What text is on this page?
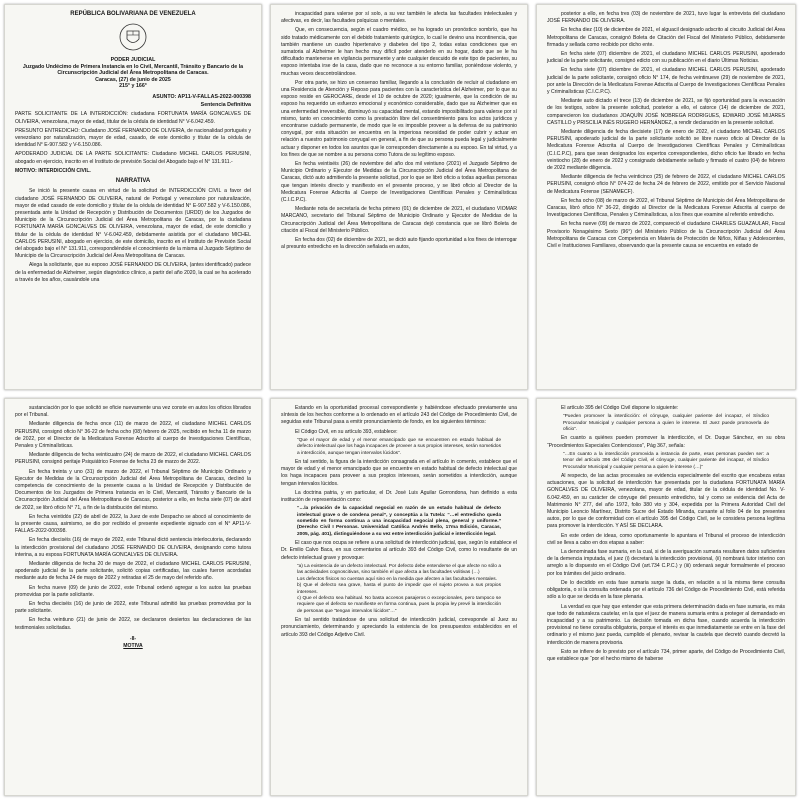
REPÚBLICA BOLIVARIANA DE VENEZUELA
PODER JUDICIAL
Juzgado Undécimo de Primera Instancia en lo Civil, Mercantil, Tránsito y Bancario de la Circunscripción Judicial del Área Metropolitana de Caracas.
Caracas, (27) de junio de 2025
215° y 166°
ASUNTO: AP11-V-FALLAS-2022-000398
Sentencia Definitiva
PARTE SOLICITANTE DE LA INTERDICCIÓN: ciudadana FORTUNATA MARÍA GONCALVES DE OLIVEIRA, venezolana, mayor de edad, titular de la cédula de identidad N° V-6.042.459.
PRESUNTO ENTREDICHO: Ciudadano JOSÉ FERNANDO DE OLIVEIRA, de nacionalidad portugués y venezolano por naturalización, mayor de edad, casado, de este domicilio y titular de la cédula de identidad N° E-907.582 y V-6.150.086.
APODERADO JUDICIAL DE LA PARTE SOLICITANTE: Ciudadano MICHEL CARLOS PERUSINI, abogado en ejercicio, inscrito en el Instituto de previsión Social del Abogado bajo el N° 131.911.-
MOTIVO: INTERDICCIÓN CIVIL.
NARRATIVA
Se inició la presente causa en virtud de la solicitud de INTERDICCIÓN CIVIL a favor del ciudadano JOSÉ FERNANDO DE OLIVEIRA, natural de Portugal y venezolano por naturalización, mayor de edad casado de este domicilio y titular de la cédula de identidad N° E-907.582 y V-6.150.086, presentada ante la Unidad de Recepción y Distribución de Documentos (URDD) de los Juzgados de Municipio de la Circunscripción Judicial del Área Metropolitana de Caracas, por la ciudadana FORTUNATA MARÍA GONCALVES DE OLIVEIRA, venezolana, mayor de edad, de este domicilio y titular de la cédula de identidad N° V-6.042.459, debidamente asistida por el ciudadano MICHEL CARLOS PERUSINI, abogado en ejercicio, de este domicilio, inscrito en el Instituto de Previsión Social del abogado bajo el N° 131.911, correspondiéndole el conocimiento de la misma al Juzgado Séptimo de Municipio de la Circunscripción Judicial del Área Metropolitana de Caracas.
Alega la solicitante, que su esposo JOSÉ FERNANDO DE OLIVEIRA, (antes identificado) padece de la enfermedad de Alzheimer, según diagnóstico clínico, a partir del año 2020, la cual se ha acelerado a través de los años, causándole una
incapacidad para valerse por sí solo, a su vez también le afecta las facultades intelectuales y afectivas, es decir, las facultades psíquicas o mentales.
Que, en consecuencia, según el cuadro médico, se ha logrado un pronóstico sombrío, que ha sido tratado médicamente con el debido tratamiento quirúrgico, lo cual le devino una incontinencia, que también mantiene un cuadro hipertensivo y diabetes del tipo 2, todas estas condiciones que en sumatoria al Alzheimer le han hecho muy difícil poder atenderlo en su hogar, dado que se le ha dificultado mantenerse en vigilancia permanente y ante cualquier descuido de este tipo de pacientes, su esposo intentaba irse de la casa, dado que no reconoce a su entorno familiar, poniéndose violento, y muchas veces descontrolándose.
Por otra parte, se hizo un consenso familiar, llegando a la conclusión de recluir al ciudadano en una Residencia de Atención y Reposo para pacientes con la característica del Alzheimer, por lo que su esposo reside en GEROCARE, desde el 10 de octubre de 2020; igualmente, que la condición de su esposo ha requerido un esfuerzo emocional y económico considerable, dado que su Alzheimer que es una enfermedad irreversible, disminuyó su capacidad mental, estando imposibilitado para valerse por sí mismo, tanto en conocimiento como la prestación libre del consentimiento para los actos jurídicos y encontrarse cuidado permanente, de modo que le es imposible proveer a la defensa de su patrimonio conyugal, por esta situación se encuentra en la imperiosa necesidad de poder cubrir y actuar en relación a nuestro patrimonio conyugal en general, a fin de que su persona pueda legal y judicialmente actuar y disponer en todos los asuntos que le corresponden directamente a su esposo. En tal virtud, y a los fines de que se nombre a su persona como Tutora de su legítimo esposo.
En fecha veintiséis (26) de noviembre del año dos mil veintiuno (2021) el Juzgado Séptimo de Municipio Ordinario y Ejecutor de Medidas de la Circunscripción Judicial del Área Metropolitana de Caracas, dictó auto admitiendo la presente solicitud, por lo que se libró oficio a todas aquellas personas que tengan interés directo y manifiesto en el presente proceso, y se libró oficio al Director de la Medicatura Forense Adscrita al Cuerpo de Investigaciones Científicas Penales y Criminalísticas (C.I.C.P.C).
Mediante nota de secretaría de fecha primero (01) de diciembre de 2021, el ciudadano VIOMAR MARCANO, secretario del Tribunal Séptimo de Municipio Ordinario y Ejecutor de Medidas de la Circunscripción Judicial del Área Metropolitana de Caracas dejó constancia que se libró Boleta de citación al Fiscal del Ministerio Público.
En fecha dos (02) de diciembre de 2021, se dictó auto fijando oportunidad a los fines de interrogar al presunto entredicho en la dirección señalada en autos,
posterior a ello, en fecha tres (03) de noviembre de 2021, tuvo lugar la entrevista del ciudadano JOSÉ FERNANDO DE OLIVEIRA.
En fecha diez (10) de diciembre de 2021, el alguacil designado adscrito al circuito Judicial del Área Metropolitana de Caracas, consignó Boleta de Citación del Fiscal del Ministerio Público, debidamente firmada y sellada como recibido por dicho ente.
En fecha siete (07) diciembre de 2021, el ciudadano MICHEL CARLOS PERUSINI, apoderado judicial de la parte solicitante, consignó edicto con su publicación en el diario Últimas Noticias.
En fecha siete (07) diciembre de 2021, el ciudadano MICHEL CARLOS PERUSINI, apoderado judicial de la parte solicitante, consignó oficio N° 174, de fecha veintinueve (29) de noviembre de 2021, por ante la Dirección de la Medicatura Forense Adscrita al Cuerpo de Investigaciones Científicas Penales y Criminalísticas (C.I.C.P.C).
Mediante auto dictado el trece (13) de diciembre de 2021, se fijó oportunidad para la evacuación de los testigos, sobre la presente solicitud, posterior a ello, el catorce (14) de diciembre de 2021, comparecieron los ciudadanos JOAQUÍN JOSÉ NOBREGA RODRIGUES, EDWARD JOSÉ MIJARES CASTILLO y PRISCILIA INÉS RUGERO HERNÁNDEZ, a rendir declaración en la presente solicitud.
Mediante diligencia de fecha diecisiete (17) de enero de 2022, el ciudadano MICHEL CARLOS PERUSINI, apoderado judicial de la parte solicitante solicitó se libre nuevo oficio al Director de la Medicatura Forense Adscrita al Cuerpo de Investigaciones Científicas Penales y Criminalísticas (C.I.C.P.C), para que sean designados los expertos correspondientes, dicho oficio fue librado en fecha veintiocho (28) de enero de 2022 y consignado debidamente sellado y firmado el cuatro (04) de febrero de 2022 mediante diligencia.
Mediante diligencia de fecha veinticinco (25) de febrero de 2022, el ciudadano MICHEL CARLOS PERUSINI, consignó oficio N° 074-22 de fecha 24 de febrero de 2022, emitido por el Servicio Nacional de Medicatura Forense (SENAMECF).
En fecha ocho (08) de marzo de 2022, el Tribunal Séptimo de Municipio del Área Metropolitana de Caracas, libró oficio N° 36-22, dirigido al Director de la Medicatura Forense Adscrita al cuerpo de Investigaciones Científicas, Penales y Criminalísticas, a los fines que examine al referido entredicho.
En fecha nueve (09) de marzo de 2022, compareció el ciudadano CHARLES GUAZAULAR, Fiscal Provisorio Nonagésimo Sexto (96°) del Ministerio Público de la Circunscripción Judicial del Área Metropolitana de Caracas con Competencia en Materia de Protección de Niños, Niñas y Adolescentes, Civil e Instituciones Familiares, observando que la presente causa se encuentra en estado de
sustanciación por lo que solicitó se oficie nuevamente una vez conste en autos los oficios librados por el Tribunal.
Mediante diligencia de fecha once (11) de marzo de 2022, el ciudadano MICHEL CARLOS PERUSINI, consignó oficio N° 36-22 de fecha ocho (08) febrero de 2025, recibido en fecha 11 de marzo de 2022, por el Director de la Medicatura Forense Adscrito al cuerpo de Investigaciones Científicas, Penales y Criminalísticas.
Mediante diligencia de fecha veinticuatro (24) de marzo de 2022, el ciudadano MICHEL CARLOS PERUSINI, consignó peritaje Psiquiátrico Forense de fecha 23 de marzo de 2022.
En fecha treinta y uno (31) de marzo de 2022, el Tribunal Séptimo de Municipio Ordinario y Ejecutor de Medidas de la Circunscripción Judicial del Área Metropolitana de Caracas, declinó la competencia de conocimiento de la presente causa a la Unidad de Recepción y Distribución de Documentos de los Juzgados de Primera Instancia en lo Civil, Mercantil, Tránsito y Bancario de la Circunscripción Judicial del Área Metropolitana de Caracas, posterior a ello, en fecha siete (07) de abril de 2022, se libró oficio N° 71, a fin de la distribución del mismo.
En fecha veintidós (22) de abril de 2022, la Juez de este Despacho se abocó al conocimiento de la presente causa, asimismo, se dio por recibido el presente expediente signado con el N° AP11-V-FALLAS-2022-000398.
En fecha dieciséis (16) de mayo de 2022, este Tribunal dictó sentencia interlocutoria, declarando la interdicción provisional del ciudadano JOSÉ FERNANDO DE OLIVEIRA, designando como tutora interina, a su esposa FORTUNATA MARÍA GONCALVES DE OLIVEIRA.
Mediante diligencia de fecha 20 de mayo de 2022, el ciudadano MICHEL CARLOS PERUSINI, apoderado judicial de la parte solicitante, solicitó copias certificadas, las cuales fueron acordadas mediante auto de fecha 24 de mayo de 2022 y retiradas el 25 de mayo del referido año.
En fecha nueve (09) de junio de 2022, este Tribunal ordenó agregar a los autos las pruebas promovidas por la parte solicitante.
En fecha dieciséis (16) de junio de 2022, este Tribunal admitió las pruebas promovidas por la parte solicitante.
En fecha veintiuno (21) de junio de 2022, se declararon desiertos las declaraciones de las testimoniales solicitadas.
-II-
MOTIVA
Estando en la oportunidad procesal correspondiente y habiéndose efectuado previamente una síntesis de los hechos conforme a lo ordenado en el artículo 243 del Código de Procedimiento Civil, de seguidas este Tribunal pasa a emitir pronunciamiento de fondo, en los siguientes términos:
El Código Civil, en su artículo 393, establece:
“Que el mayor de edad y el menor emancipado que se encuentren en estado habitual de defecto intelectual que los haga incapaces de proveer a sus propios intereses, serán sometidos a interdicción, aunque tengan intervalos lúcidos”.
En tal sentido, la figura de la interdicción consagrada en el artículo in comento, establece que el mayor de edad y el menor emancipado que se encuentre en estado habitual de defecto intelectual que los haga incapaces para proveer a sus propios intereses, serán sometidos a interdicción, aunque tengan intervalos lúcidos.
La doctrina patria, y en particular, el Dr. José Luis Aguilar Gorrondona, han definido a esta institución de representación como:
“…la privación de la capacidad negocial en razón de un estado habitual de defecto intelectual grave o de condena penal”, y conceptúa a la Tutela: “…el entredicho queda sometido en forma continua a una incapacidad negocial plena, general y uniforme.” (Derecho Civil I Personas. Universidad Católica Andrés Bello, 17ma Edición, Caracas, 2005, pág. 401), distinguiéndose a su vez entre interdicción judicial e interdicción legal.
El caso que nos ocupa se refiere a una solicitud de interdicción judicial, que, según lo establece el Dr. Emilio Calvo Baca, en sus comentarios al artículo 393 del Código Civil, como lo resultante de un defecto intelectual grave y provoque:
“a) La existencia de un defecto intelectual. Por defecto debe entenderse el que afecte no sólo a las actividades cognoscitivas, sino también el que afecta a las facultades volitivas (…)
Los defectos físicos no cuentan aquí sino en la medida que afecten a las facultades mentales.
b) Que el defecto sea grave, hasta el punto de impedir que el sujeto provea a sus propios intereses.
c) Que el defecto sea habitual. No basta accesos pasajeros o excepcionales, pero tampoco se requiere que el defecto se manifieste en forma continua, pues la propia ley prevé la interdicción de personas que “tengan intervalos lúcidos”…”
En tal sentido tratándose de una solicitud de interdicción judicial, corresponde al Juez su pronunciamiento, determinando y apreciando la existencia de los presupuestos establecidos en el artículo 393 del Código Adjetivo Civil.
El artículo 395 del Código Civil dispone lo siguiente:
“Pueden promover la interdicción: el cónyuge, cualquier pariente del incapaz, el Síndico Procurador Municipal y cualquier persona a quien le interese. El Juez puede promoverla de oficio”.
En cuanto a quiénes pueden promover la interdicción, el Dr. Duque Sánchez, en su obra “Procedimientos Especiales Contenciosos”, Pág 367, señala:
“…En cuanto a la interdicción promovida a instancia de parte, esas personas pueden ser: a tenor del artículo 396 del Código Civil, el cónyuge, cualquier pariente del incapaz, el Síndico Procurador Municipal y cualquier persona a quien le interese (…)”
Al respecto, de las actas procesales se evidencia especialmente del escrito que encabeza estas actuaciones, que la solicitud de interdicción fue presentada por la ciudadana FORTUNATA MARÍA GONCALVES DE OLIVEIRA, venezolana, mayor de edad, titular de la cédula de identidad No. V-6.042.459, en su carácter de cónyuge del presunto entredicho, tal y como se evidencia del Acta de Matrimonio N° 277, del año 1972, folio 380 vto y 304, expedida por la Primera Autoridad Civil del Municipio Leoncio Martínez, Distrito Sucre del Estado Miranda, cursante al folio 04 de los presentes autos, por lo que de conformidad con el artículo 395 del Código Civil, se le considera persona legítima para promover la interdicción. Y ASÍ SE DECLARA.
En este orden de ideas, como oportunamente lo apuntara el Tribunal el proceso de interdicción civil se lleva a cabo en dos etapas a saber:
La denominada fase sumaria, en la cual, si de la averiguación sumaria resultaren datos suficientes de la demencia imputada, el juez (i) decretará la interdicción provisional, (ii) nombrará tutor interino con arreglo a lo dispuesto en el Código Civil (art.734 C.P.C.) y (iii) ordenará seguir formalmente el proceso por los trámites del juicio ordinario.
De lo decidido en esta fase sumaria surge la duda, en relación a si la misma tiene consulta obligatoria, o si la consulta ordenada por el artículo 736 del Código de Procedimiento Civil, está referida sólo a lo que se decida en la fase plenaria.
La verdad es que hay que entender que esta primera determinación dada en fase sumaria, es más que todo de naturaleza cautelar, en la que el juez de manera sumaria entra a proteger al demandado en incapacidad y a su patrimonio. La decisión tomada en dicha fase, cuando acuerda la interdicción provisional no tiene consulta obligatoria, porque el interés es que inmediatamente se entre en la fase del ordinario y el mismo juez pueda, cumplido el plenario, revisar la cautela que decretó cuando decretó la interdicción de manera provisoria.
Esto se infiere de lo previsto por el artículo 734, primer aparte, del Código de Procedimiento Civil, que establece que “por el hecho mismo de haberse
